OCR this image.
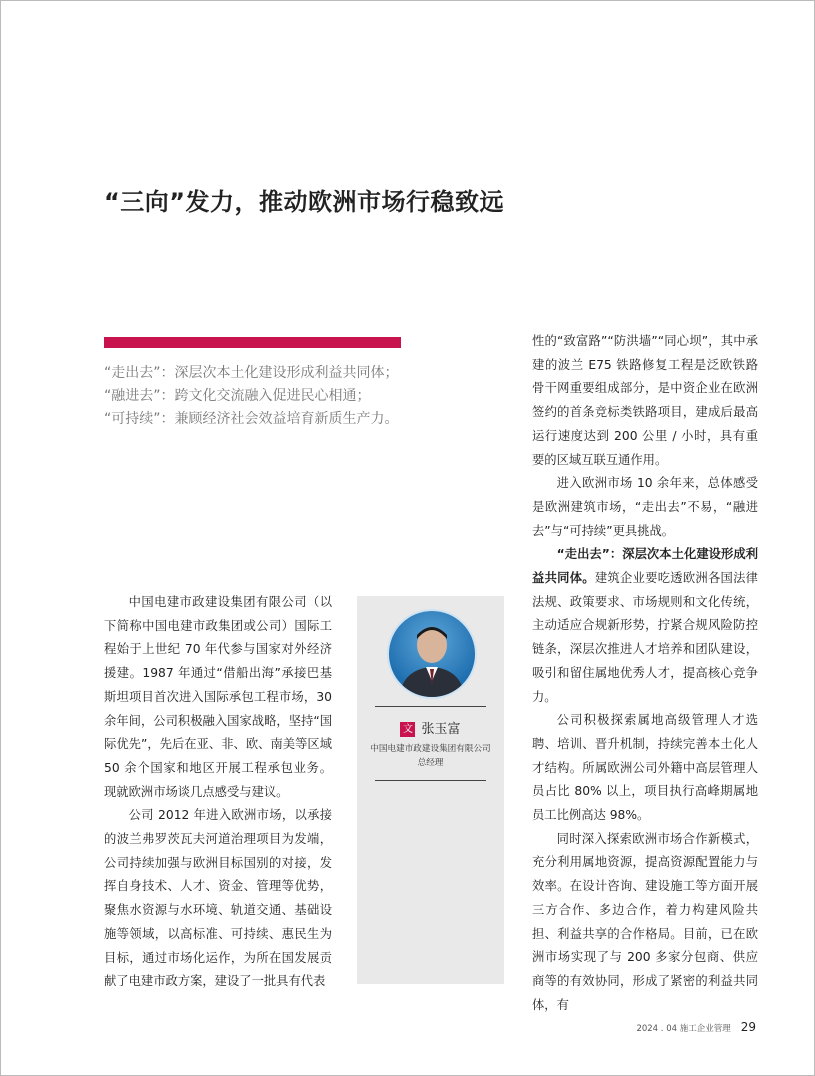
“三向”发力，推动欧洲市场行稳致远
“走出去”：深层次本土化建设形成利益共同体；
“融进去”：跨文化交流融入促进民心相通；
“可持续”：兼顾经济社会效益培育新质生产力。

中国电建市政建设集团有限公司（以下简称中国电建市政集团或公司）国际工程始于上世纪 70 年代参与国家对外经济援建。1987 年通过“借船出海”承接巴基斯坦项目首次进入国际承包工程市场，30 余年间，公司积极融入国家战略，坚持“国际优先”，先后在亚、非、欧、南美等区域 50 余个国家和地区开展工程承包业务。现就欧洲市场谈几点感受与建议。

公司 2012 年进入欧洲市场，以承接的波兰弗罗茨瓦夫河道治理项目为发端，公司持续加强与欧洲目标国别的对接，发挥自身技术、人才、资金、管理等优势，聚焦水资源与水环境、轨道交通、基础设施等领域，以高标准、可持续、惠民生为目标，通过市场化运作，为所在国发展贡献了电建市政方案，建设了一批具有代表

文 张玉富
中国电建市政建设集团有限公司
总经理

性的“致富路”“防洪墙”“同心坝”，其中承建的波兰 E75 铁路修复工程是泛欧铁路骨干网重要组成部分，是中资企业在欧洲签约的首条竞标类铁路项目，建成后最高运行速度达到 200 公里 / 小时，具有重要的区域互联互通作用。

进入欧洲市场 10 余年来，总体感受是欧洲建筑市场，“走出去”不易，“融进去”与“可持续”更具挑战。

“走出去”：深层次本土化建设形成利益共同体。建筑企业要吃透欧洲各国法律法规、政策要求、市场规则和文化传统，主动适应合规新形势，拧紧合规风险防控链条，深层次推进人才培养和团队建设，吸引和留住属地优秀人才，提高核心竞争力。

公司积极探索属地高级管理人才选聘、培训、晋升机制，持续完善本土化人才结构。所属欧洲公司外籍中高层管理人员占比 80% 以上，项目执行高峰期属地员工比例高达 98%。

同时深入探索欧洲市场合作新模式，充分利用属地资源，提高资源配置能力与效率。在设计咨询、建设施工等方面开展三方合作、多边合作，着力构建风险共担、利益共享的合作格局。目前，已在欧洲市场实现了与 200 多家分包商、供应商等的有效协同，形成了紧密的利益共同体，有

2024 . 04 施工企业管理 29
